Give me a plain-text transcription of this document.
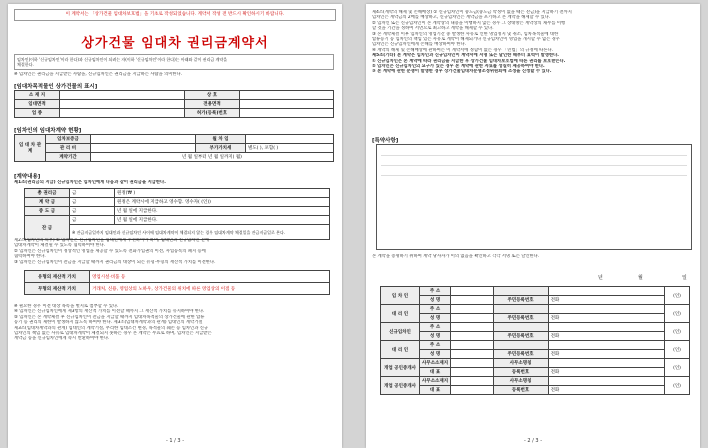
이 계약서는 「상가건물 임대차보호법」을 기초로 작성되었습니다. 계약서 작성 전 반드시 확인하시기 바랍니다.
상가건물 임대차 권리금계약서
임차인(이하 '신규임차인'이라 한다)과 신규임차인이 되려는 자(이하 '신규임차인'이라 한다)는 아래와 같이 권리금 계약을
체결한다.
※ 임차인은 권리금을 지급받는 사람을, 신규임차인은 권리금을 지급하는 사람을 의미한다.
[임대차목적물인 상가건물의 표시]
소 재 지		상 호	
임대면적		전용면적	
업 종		허가(등록)번호	
[임차인의 임대차계약 현황]
임 대 차 관 계	임차보증금		월 차 임	
	관 리 비		부가가치세	별도( ), 포함( )
	계약기간	년 월 일부터 년 월 일까지( 월)		
[계약내용]
제1조(권리금의 지급) 신규임차인은 임차인에게 다음과 같이 권리금을 지급한다.
총 권리금	금	원정(₩ )
계 약 금	금	원정은 계약시에 지급하고 영수함. 영수자( (인))
중 도 금	금	년 월 일에 지급한다.
잔 금	금	년 월 일에 지급한다.
	※ 잔금지급일까지 임대인과 신규임차인 사이에 임대차계약이 체결되지 않는 경우 임대차계약 체결일을 잔금지급일로 본다.	
제2조(임차인의 의무) ① 임차인은 신규임차인을 임대인에게 주선하여야 하며, 임대인과 신규임차인 간에
임대차계약이 체결될 수 있도록 협력하여야 한다.
② 임차인은 신규임차인이 정상적인 영업을 제공할 수 있도록 전화가입권의 이전, 사업등록의 폐지 등에
협력하여야 한다.
③ 임차인은 신규임차인이 잔금을 지급할 때까지 권리금의 대상이 되는 유형·무형의 재산적 가치를 이전한다.
유형의 재산적 가치	영업시설·비품 등
무형의 재산적 가치	거래처, 신용, 영업상의 노하우, 상가건물의 위치에 따른 영업상의 이점 등
※ 필요한 경우 이전 대상 목록을 별지로 첨부할 수 있다.
④ 임차인은 신규임차인에게 제3항의 재산적 가치를 이전할 때까지 그 재산적 가치를 유지하여야 한다.
⑤ 임차인은 본 계약체결 후 신규임차인이 잔금을 지급할 때까지 임대차목적물의 상가건물에 관한 압류
등기 등 권리의 제한이 발생하지 않도록 하여야 한다. 제3조(임대차계약과의 관계) 임대인의 계약거절
제3조(임대차계약과의 관계) 임대인의 계약거절, 무리한 임대조건 변경, 목적물의 훼손 등 임차인과 신규
임차인의 책임 없는 사유로 임대차계약이 체결되지 못하는 경우 본 계약은 무효로 하며, 임차인은 지급받은
계약금 등을 신규임차인에게 즉시 반환하여야 한다.
- 1 / 3 -
제4조(계약의 해제 및 손해배상) ① 신규임차인이 중도금(중도금 약정이 없을 때는 잔금)을 지급하기 전까지
임차인은 계약금의 2배를 배상하고, 신규임차인은 계약금을 포기하고 본 계약을 해제할 수 있다.
② 임차인 또는 신규임차인이 본 계약상의 내용을 이행하지 않는 경우 그 상대방은 계약상의 채무를 이행
할 것을 기간을 정하여 서면으로 최고하고 계약을 해제할 수 있다.
③ 본 계약체결 이후 임차인의 영업기간 중 발생한 사유로 인한 영업정지 및 취소, 임차목적물에 대한
압류등기 등 임차인의 책임 있는 사유로 계약이 해제되거나 신규임차인이 영업을 개시할 수 없는 경우
임차인은 신규임차인에게 손해를 배상하여야 한다.
④ 계약의 해제 및 손해배상에 관하여는 이 계약서에 정함이 없는 경우 「민법」의 규정에 따른다.
제5조(기타) 본 계약은 임차인과 신규임차인이 계약서에 서명 또는 날인한 때부터 효력이 발생한다.
① 신규임차인은 본 계약에 따라 권리금을 지급한 후 상가건물 임대차보호법에 따른 권리를 보호받는다.
② 임차인은 신규임차인의 요구가 있는 경우 본 계약에 관한 자료를 성실히 제공하여야 한다.
③ 본 계약에 관한 분쟁이 발생한 경우 상가건물임대차분쟁조정위원회에 조정을 신청할 수 있다.
[특약사항]
본 계약을 증명하기 위하여 계약 당사자가 이의 없음을 확인하고 각각 서명 또는 날인한다.
년	월	일
임 차 인	주 소				(인)
	성 명		주민등록번호	전화	
대 리 인	주 소				(인)
	성 명		주민등록번호	전화	
신규임차인	주 소				(인)
	성 명		주민등록번호	전화	
대 리 인	주 소				(인)
	성 명		주민등록번호	전화	
개업 공인중개사	사무소소재지		사무소명칭		(인)
	대 표		등록번호	전화	
개업 공인중개사	사무소소재지		사무소명칭		(인)
	대 표		등록번호	전화	
- 2 / 3 -
